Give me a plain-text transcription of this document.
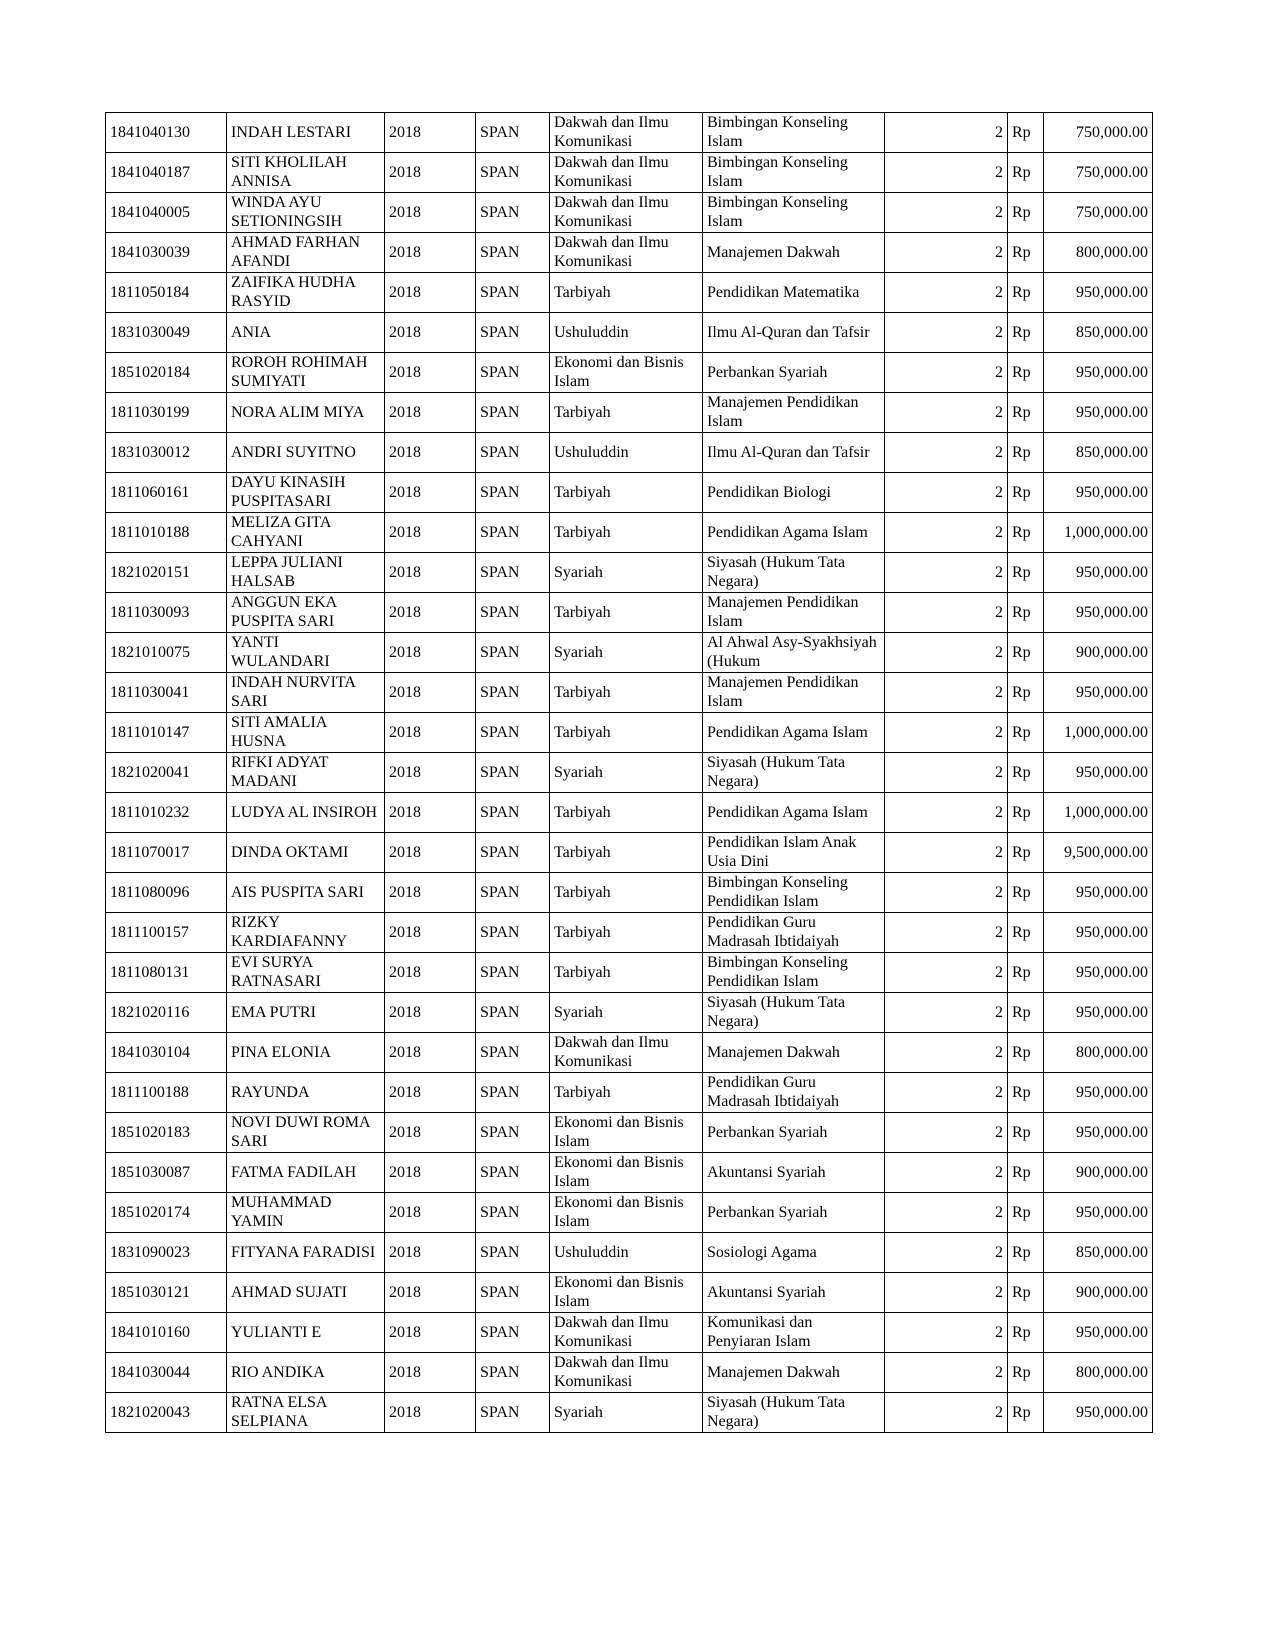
1841040130	INDAH LESTARI	2018	SPAN	Dakwah dan Ilmu Komunikasi	Bimbingan Konseling Islam	2	Rp	750,000.00

1841040187	SITI KHOLILAH ANNISA	2018	SPAN	Dakwah dan Ilmu Komunikasi	Bimbingan Konseling Islam	2	Rp	750,000.00

1841040005	WINDA AYU SETIONINGSIH	2018	SPAN	Dakwah dan Ilmu Komunikasi	Bimbingan Konseling Islam	2	Rp	750,000.00

1841030039	AHMAD FARHAN AFANDI	2018	SPAN	Dakwah dan Ilmu Komunikasi	Manajemen Dakwah	2	Rp	800,000.00

1811050184	ZAIFIKA HUDHA RASYID	2018	SPAN	Tarbiyah	Pendidikan Matematika	2	Rp	950,000.00

1831030049	ANIA	2018	SPAN	Ushuluddin	Ilmu Al-Quran dan Tafsir	2	Rp	850,000.00

1851020184	ROROH ROHIMAH SUMIYATI	2018	SPAN	Ekonomi dan Bisnis Islam	Perbankan Syariah	2	Rp	950,000.00

1811030199	NORA ALIM MIYA	2018	SPAN	Tarbiyah	Manajemen Pendidikan Islam	2	Rp	950,000.00

1831030012	ANDRI SUYITNO	2018	SPAN	Ushuluddin	Ilmu Al-Quran dan Tafsir	2	Rp	850,000.00

1811060161	DAYU KINASIH PUSPITASARI	2018	SPAN	Tarbiyah	Pendidikan Biologi	2	Rp	950,000.00

1811010188	MELIZA GITA CAHYANI	2018	SPAN	Tarbiyah	Pendidikan Agama Islam	2	Rp	1,000,000.00

1821020151	LEPPA JULIANI HALSAB	2018	SPAN	Syariah	Siyasah (Hukum Tata Negara)	2	Rp	950,000.00

1811030093	ANGGUN EKA PUSPITA SARI	2018	SPAN	Tarbiyah	Manajemen Pendidikan Islam	2	Rp	950,000.00

1821010075	YANTI WULANDARI	2018	SPAN	Syariah	Al Ahwal Asy-Syakhsiyah (Hukum	2	Rp	900,000.00

1811030041	INDAH NURVITA SARI	2018	SPAN	Tarbiyah	Manajemen Pendidikan Islam	2	Rp	950,000.00

1811010147	SITI AMALIA HUSNA	2018	SPAN	Tarbiyah	Pendidikan Agama Islam	2	Rp	1,000,000.00

1821020041	RIFKI ADYAT MADANI	2018	SPAN	Syariah	Siyasah (Hukum Tata Negara)	2	Rp	950,000.00

1811010232	LUDYA AL INSIROH	2018	SPAN	Tarbiyah	Pendidikan Agama Islam	2	Rp	1,000,000.00

1811070017	DINDA OKTAMI	2018	SPAN	Tarbiyah	Pendidikan Islam Anak Usia Dini	2	Rp	9,500,000.00

1811080096	AIS PUSPITA SARI	2018	SPAN	Tarbiyah	Bimbingan Konseling Pendidikan Islam	2	Rp	950,000.00

1811100157	RIZKY KARDIAFANNY	2018	SPAN	Tarbiyah	Pendidikan Guru Madrasah Ibtidaiyah	2	Rp	950,000.00

1811080131	EVI SURYA RATNASARI	2018	SPAN	Tarbiyah	Bimbingan Konseling Pendidikan Islam	2	Rp	950,000.00

1821020116	EMA PUTRI	2018	SPAN	Syariah	Siyasah (Hukum Tata Negara)	2	Rp	950,000.00

1841030104	PINA ELONIA	2018	SPAN	Dakwah dan Ilmu Komunikasi	Manajemen Dakwah	2	Rp	800,000.00

1811100188	RAYUNDA	2018	SPAN	Tarbiyah	Pendidikan Guru Madrasah Ibtidaiyah	2	Rp	950,000.00

1851020183	NOVI DUWI ROMA SARI	2018	SPAN	Ekonomi dan Bisnis Islam	Perbankan Syariah	2	Rp	950,000.00

1851030087	FATMA FADILAH	2018	SPAN	Ekonomi dan Bisnis Islam	Akuntansi Syariah	2	Rp	900,000.00

1851020174	MUHAMMAD YAMIN	2018	SPAN	Ekonomi dan Bisnis Islam	Perbankan Syariah	2	Rp	950,000.00

1831090023	FITYANA FARADISI	2018	SPAN	Ushuluddin	Sosiologi Agama	2	Rp	850,000.00

1851030121	AHMAD SUJATI	2018	SPAN	Ekonomi dan Bisnis Islam	Akuntansi Syariah	2	Rp	900,000.00

1841010160	YULIANTI E	2018	SPAN	Dakwah dan Ilmu Komunikasi	Komunikasi dan Penyiaran Islam	2	Rp	950,000.00

1841030044	RIO ANDIKA	2018	SPAN	Dakwah dan Ilmu Komunikasi	Manajemen Dakwah	2	Rp	800,000.00

1821020043	RATNA ELSA SELPIANA	2018	SPAN	Syariah	Siyasah (Hukum Tata Negara)	2	Rp	950,000.00
